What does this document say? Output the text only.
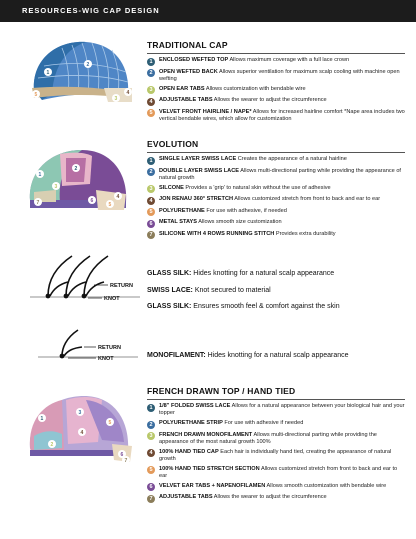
RESOURCES-WIG CAP DESIGN
1
2
5
3
4
TRADITIONAL CAP
1	ENCLOSED WEFTED TOP Allows maximum coverage with a full lace crown
2	OPEN WEFTED BACK Allows superior ventilation for maximum scalp cooling with machine open wefting
3	OPEN EAR TABS Allows customization with bendable wire
4	ADJUSTABLE TABS Allows the wearer to adjust the circumference
5	VELVET FRONT HAIRLINE / NAPE* Allows for increased hairline comfort *Nape area includes two vertical bendable wires, which allow for customization
2
1
3
6
5
7
4
EVOLUTION
1	SINGLE LAYER SWISS LACE Creates the appearance of a natural hairline
2	DOUBLE LAYER SWISS LACE Allows multi-directional parting while providing the appearance of natural growth
3	SILCONE Provides a 'grip' to natural skin without the use of adhesive
4	JON RENAU 360° STRETCH Allows customized stretch from front to back and ear to ear
5	POLYURETHANE For use with adhesive, if needed
6	METAL STAYS Allows smooth size customization
7	SILICONE WITH 4 ROWS RUNNING STITCH Provides extra durability
RETURN
KNOT
GLASS SILK: Hides knotting for a natural scalp appearance
SWISS LACE: Knot secured to material
GLASS SILK: Ensures smooth feel & comfort against the skin
RETURN
KNOT	MONOFILAMENT: Hides knotting for a natural scalp appearance
1
3
2
4
5
6
7
FRENCH DRAWN TOP / HAND TIED
1	1/8" FOLDED SWISS LACE Allows for a natural appearance between your biological hair and your topper
2	POLYURETHANE STRIP For use with adhesive if needed
3	FRENCH DRAWN MONOFILAMENT Allows multi-directional parting while providing the appearance of the most natural growth 100%
4	100% HAND TIED CAP Each hair is individually hand tied, creating the appearance of natural growth
5	100% HAND TIED STRETCH SECTION Allows customized stretch from front to back and ear to ear
6	VELVET EAR TABS + NAPENOFILAMEN Allows smooth customization with bendable wire
7	ADJUSTABLE TABS Allows the wearer to adjust the circumference
